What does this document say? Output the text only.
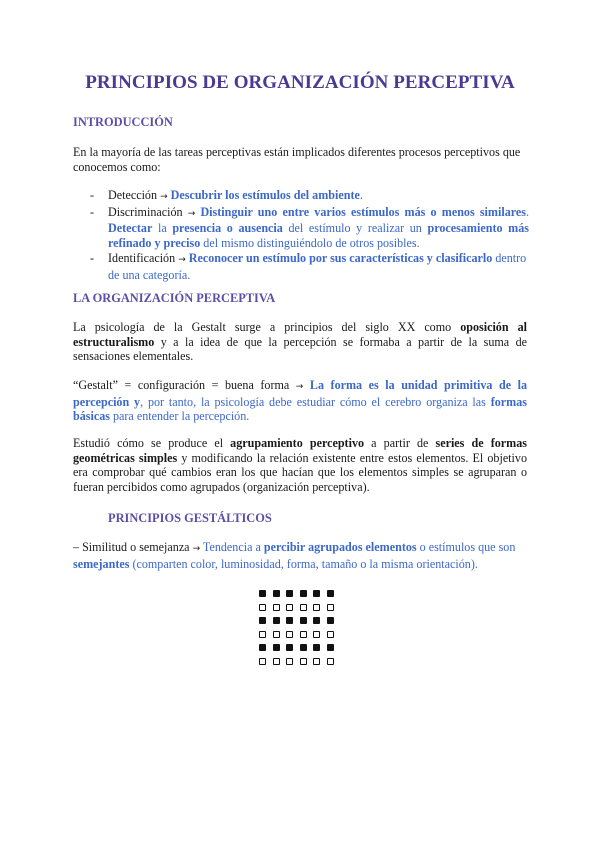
PRINCIPIOS DE ORGANIZACIÓN PERCEPTIVA
INTRODUCCIÓN
En la mayoría de las tareas perceptivas están implicados diferentes procesos perceptivos que conocemos como:
- Detección → Descubrir los estímulos del ambiente.
- Discriminación → Distinguir uno entre varios estímulos más o menos similares. Detectar la presencia o ausencia del estímulo y realizar un procesamiento más refinado y preciso del mismo distinguiéndolo de otros posibles.
- Identificación → Reconocer un estímulo por sus características y clasificarlo dentro de una categoría.
LA ORGANIZACIÓN PERCEPTIVA
La psicología de la Gestalt surge a principios del siglo XX como oposición al estructuralismo y a la idea de que la percepción se formaba a partir de la suma de sensaciones elementales.
“Gestalt” = configuración = buena forma → La forma es la unidad primitiva de la percepción y, por tanto, la psicología debe estudiar cómo el cerebro organiza las formas básicas para entender la percepción.
Estudió cómo se produce el agrupamiento perceptivo a partir de series de formas geométricas simples y modificando la relación existente entre estos elementos. El objetivo era comprobar qué cambios eran los que hacían que los elementos simples se agruparan o fueran percibidos como agrupados (organización perceptiva).
PRINCIPIOS GESTÁLTICOS
– Similitud o semejanza → Tendencia a percibir agrupados elementos o estímulos que son semejantes (comparten color, luminosidad, forma, tamaño o la misma orientación).
